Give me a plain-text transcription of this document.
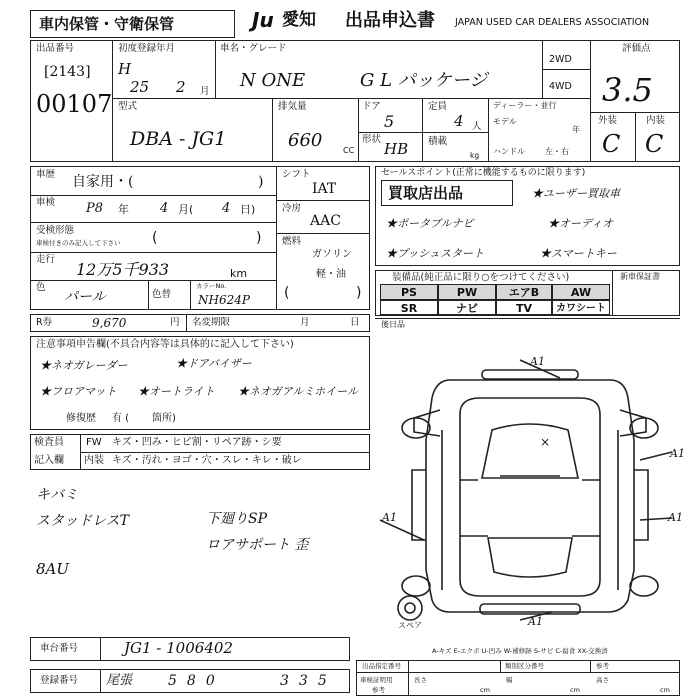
車内保管・守衛保管	Ju 愛知 出品申込書 JAPAN USED CAR DEALERS ASSOCIATION
出品番号
[2143]
00107
初度登録年月
H
25 2 月
車名・グレード
N ONE	G L パッケージ
2WD
4WD
評価点
3.5
外装	内装
C C
型式
DBA - JG1
排気量
660	CC
ドア
5
形状
HB
定員
4 人
積載
kg
ディーラー・並行
モデル
年
ハンドル	左・右
車歴 自家用・(	)
車検 P8 年 4 月( 4 日)
受検形態
車検付きのみ記入して下さい (	)
走行
12万5千933	km
色
パール	色替
カラーNo.
NH624P
シフト
IAT
冷房
AAC
燃料
ガソリン
軽・油
(	)
R券	9,670	円 名変期限	月	日
注意事項申告欄(不具合内容等は具体的に記入して下さい)
★ネオガレーダー	★ドアバイザー
★フロアマット ★オートライト ★ネオガアルミホイール
修復歴 有 ( 箇所)
検査員
記入欄
FW キズ・凹み・ヒビ割・リペア跡・シ要
内装 キズ・汚れ・ヨゴ・穴・スレ・キレ・破レ
キバミ
スタッドレスT	下廻りSP
ロアサポート 歪
8AU
セールスポイント(正常に機能するものに限ります)
買取店出品	★ユーザー買取車
★ポータブルナビ	★オーディオ
★プッシュスタート	★スマートキー
装備品(純正品に限り○をつけてください)	新車保証書
PS	PW	エアB	AW
SR	ナビ	TV	カワシート
後日品
A1
A1
A1	A1
A1
×
スペア
A-キズ E-エクボ U-凹み W-補修跡 S-サビ C-腐食 XX-交換済
車台番号	JG1 - 1006402
登録番号 尾張	580	335
出品指定番号	類別区分番号	参考
車検証明用
参考
長さ
cm
幅
cm
高さ
cm
